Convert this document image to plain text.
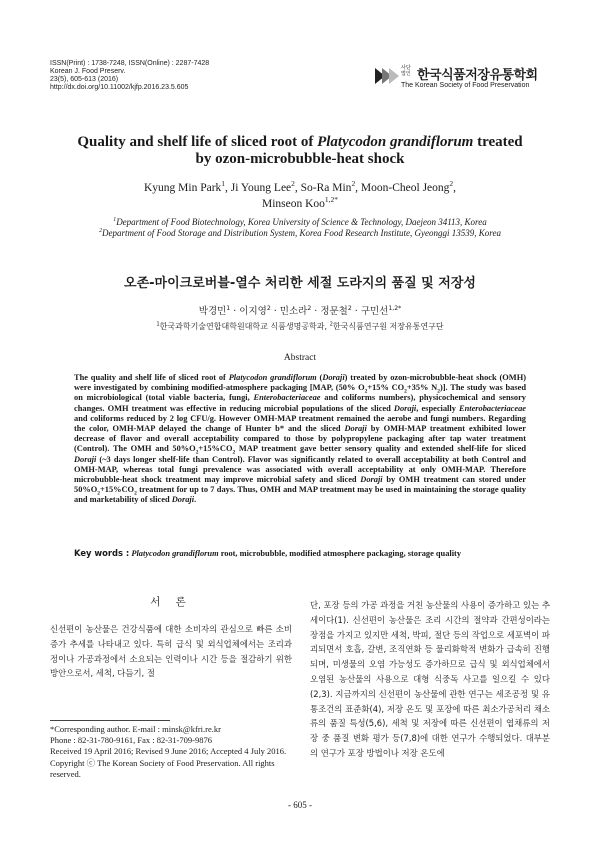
ISSN(Print) : 1738-7248, ISSN(Online) : 2287-7428
Korean J. Food Preserv.
23(5), 605-613 (2016)
http://dx.doi.org/10.11002/kjfp.2016.23.5.605
사단법인 한국식품저장유통학회
The Korean Society of Food Preservation
Quality and shelf life of sliced root of Platycodon grandiflorum treated
by ozon-microbubble-heat shock
Kyung Min Park$^1$, Ji Young Lee$^2$, So-Ra Min$^2$, Moon-Cheol Jeong$^2$,
Minseon Koo$^{1,2*}$
$^1$Department of Food Biotechnology, Korea University of Science & Technology, Daejeon 34113, Korea
$^2$Department of Food Storage and Distribution System, Korea Food Research Institute, Gyeonggi 13539, Korea
오존-마이크로버블-열수 처리한 세절 도라지의 품질 및 저장성
박경민$^1$ · 이지영$^2$ · 민소라$^2$ · 정문철$^2$ · 구민선$^{1,2*}$
$^1$한국과학기술연합대학원대학교 식품생명공학과, $^2$한국식품연구원 저장유통연구단
Abstract
The quality and shelf life of sliced root of Platycodon grandiflorum (Doraji) treated by ozon-microbubble-heat shock (OMH) were investigated by combining modified-atmosphere packaging [MAP, (50% $O_2+15\%$ $CO_2+35\%$ $N_2$)]. The study was based on microbiological (total viable bacteria, fungi, Enterobacteriaceae and coliforms numbers), physicochemical and sensory changes. OMH treatment was effective in reducing microbial populations of the sliced Doraji, especially Enterobacteriaceae and coliforms reduced by 2 log CFU/g. However OMH-MAP treatment remained the aerobe and fungi numbers. Regarding the color, OMH-MAP delayed the change of Hunter b* and the sliced Doraji by OMH-MAP treatment exhibited lower decrease of flavor and overall acceptability compared to those by polypropylene packaging after tap water treatment (Control). The OMH and $50\%O_2+15\%CO_2$ MAP treatment gave better sensory quality and extended shelf-life for sliced Doraji (~3 days longer shelf-life than Control). Flavor was significantly related to overall acceptability at both Control and OMH-MAP, whereas total fungi prevalence was associated with overall acceptability at only OMH-MAP. Therefore microbubble-heat shock treatment may improve microbial safety and sliced Doraji by OMH treatment can stored under $50\%O_2+15\%CO_2$ treatment for up to 7 days. Thus, OMH and MAP treatment may be used in maintaining the storage quality and marketability of sliced Doraji.
Key words : Platycodon grandiflorum root, microbubble, modified atmosphere packaging, storage quality
서 론
신선편이 농산물은 건강식품에 대한 소비자의 관심으로 빠른 소비 증가 추세를 나타내고 있다. 특히 급식 및 외식업체에서는 조리과정이나 가공과정에서 소요되는 인력이나 시간 등을 절감하기 위한 방안으로서, 세척, 다듬기, 절
단, 포장 등의 가공 과정을 거친 농산물의 사용이 증가하고 있는 추세이다(1). 신선편이 농산물은 조리 시간의 절약과 간편성이라는 장점을 가지고 있지만 세척, 박피, 절단 등의 작업으로 세포벽이 파괴되면서 호흡, 갈변, 조직연화 등 물리화학적 변화가 급속히 진행되며, 미생물의 오염 가능성도 증가하므로 급식 및 외식업체에서 오염된 농산물의 사용으로 대형 식중독 사고를 일으킬 수 있다(2,3). 지금까지의 신선편이 농산물에 관한 연구는 세조공정 및 유통조건의 표준화(4), 저장 온도 및 포장에 따른 최소가공처리 채소류의 품질 특성(5,6), 세척 및 저장에 따른 신선편이 엽채류의 저장 중 품질 변화 평가 등(7,8)에 대한 연구가 수행되었다. 대부분의 연구가 포장 방법이나 저장 온도에
*Corresponding author. E-mail : minsk@kfri.re.kr
Phone : 82-31-780-9161, Fax : 82-31-709-9876
Received 19 April 2016; Revised 9 June 2016; Accepted 4 July 2016.
Copyright ⓒ The Korean Society of Food Preservation. All rights reserved.
- 605 -
